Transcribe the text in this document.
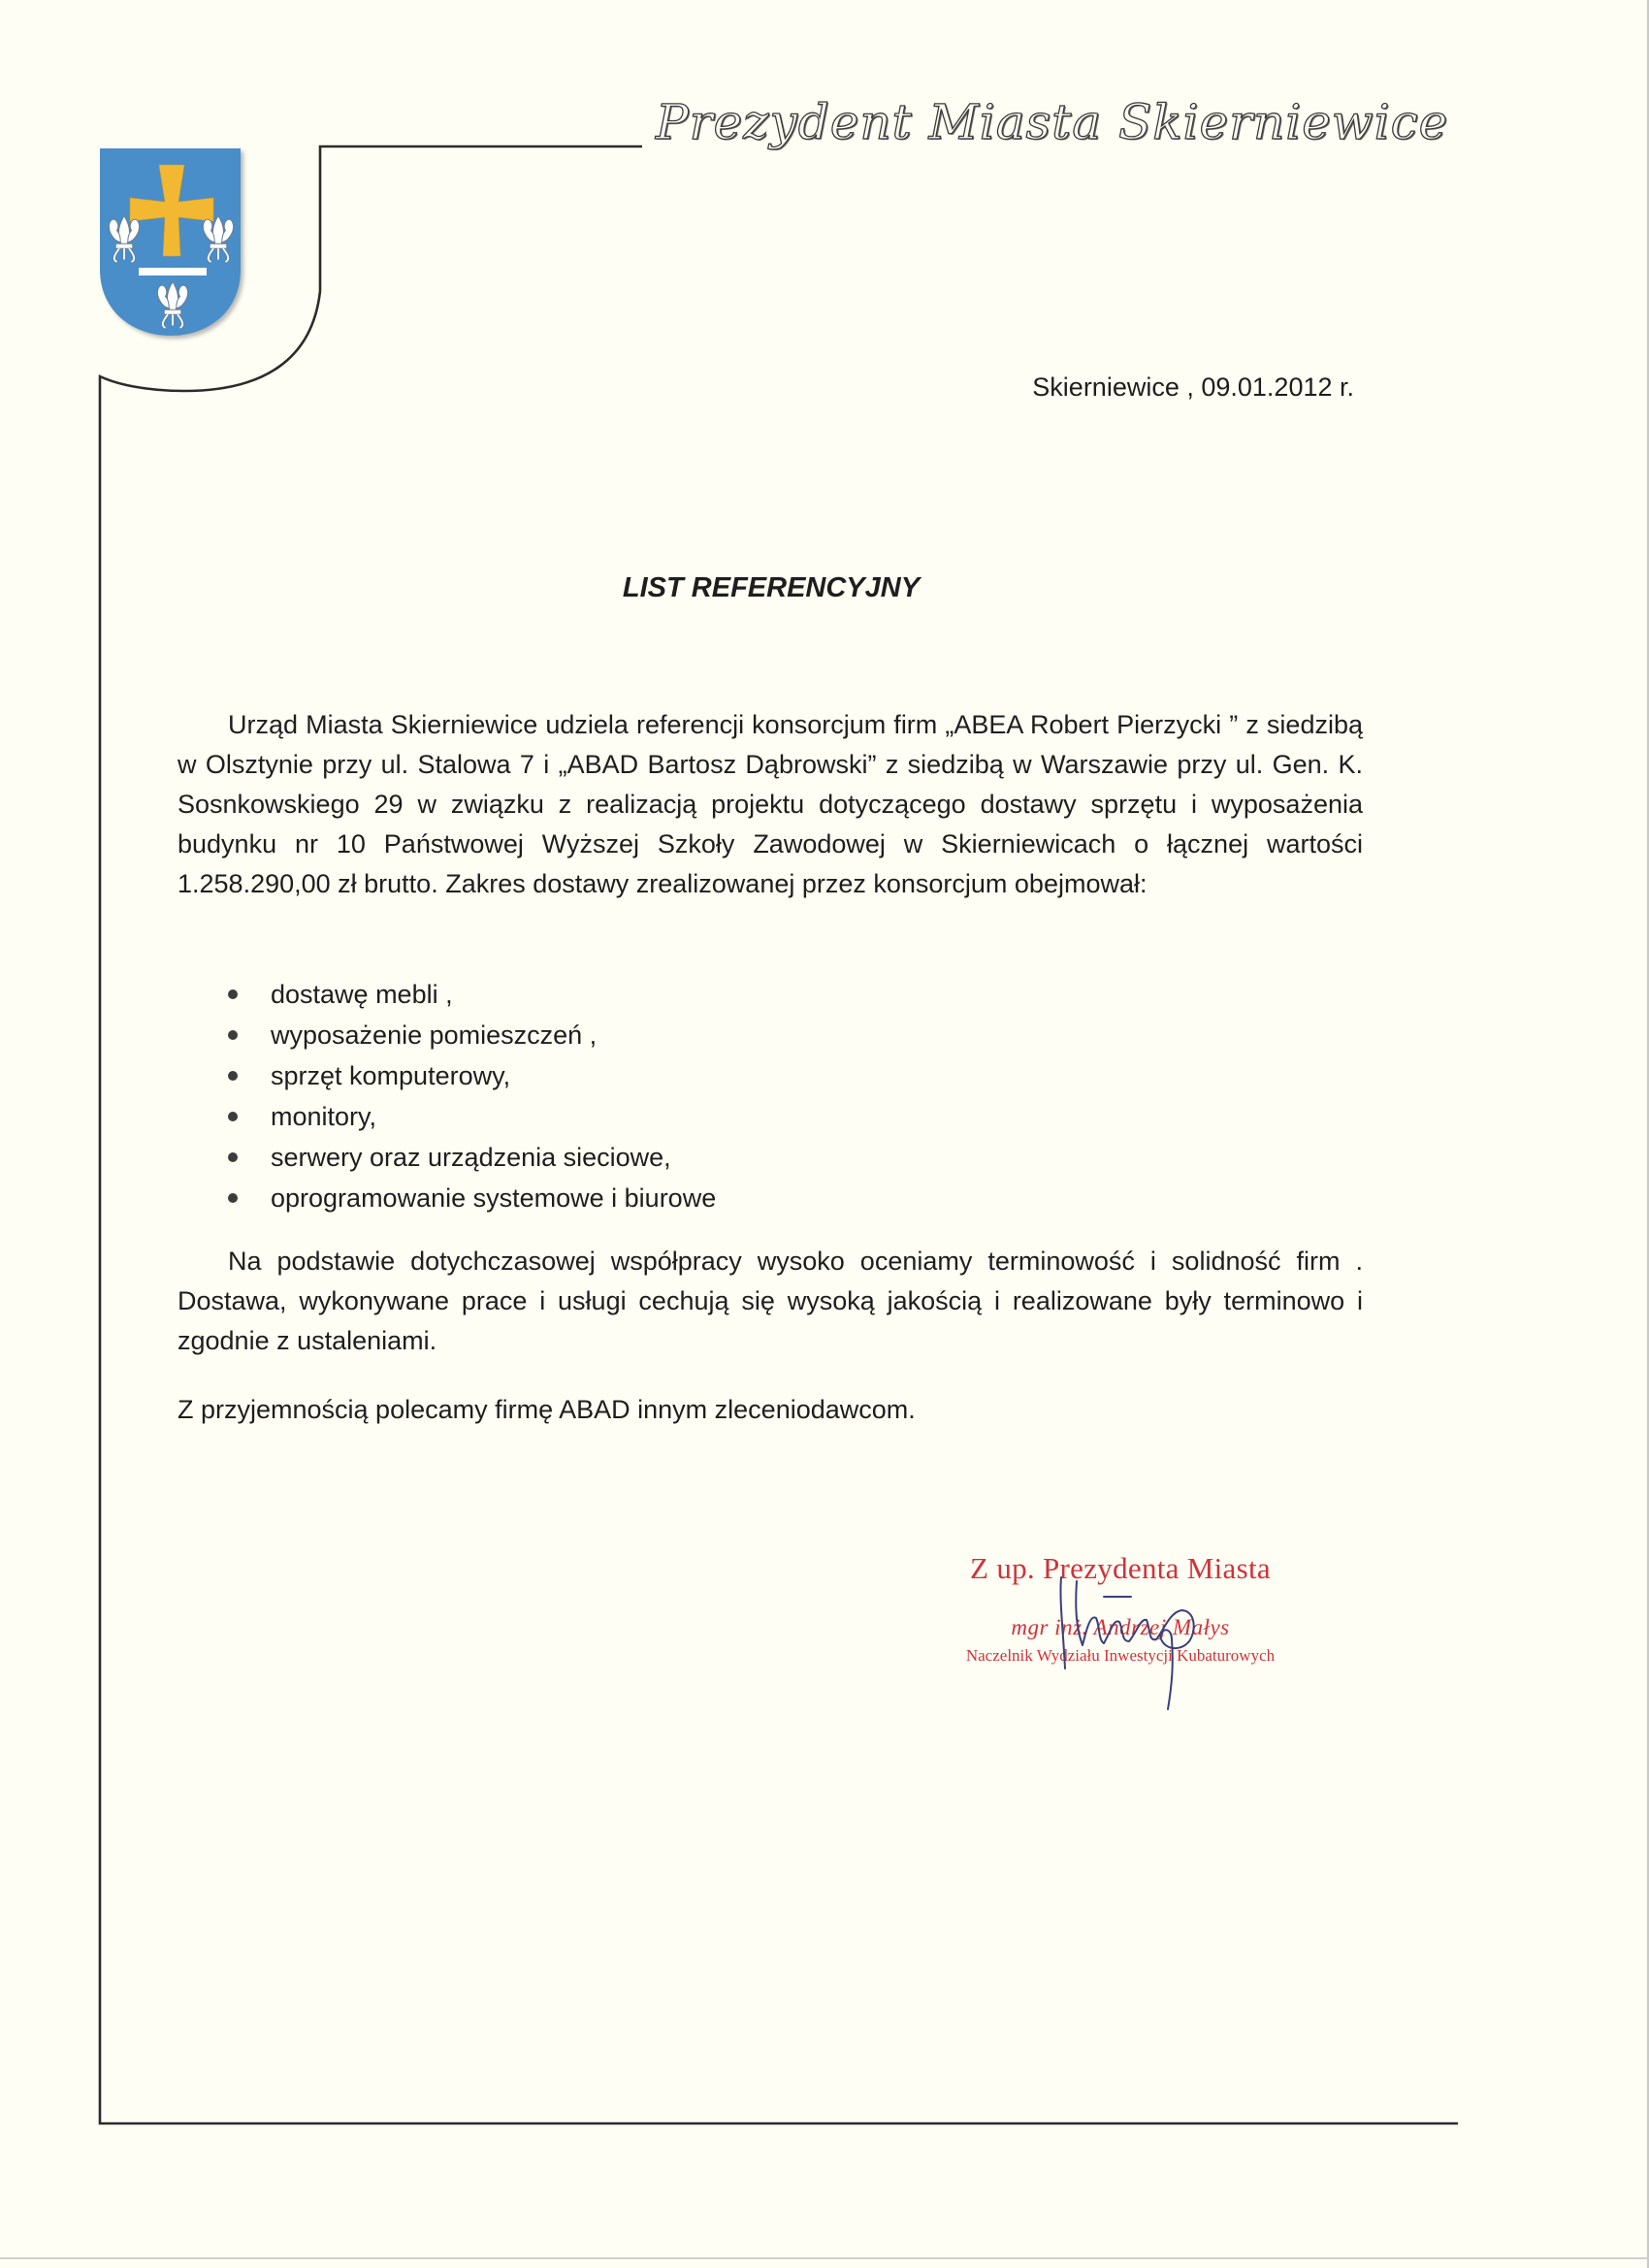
Prezydent Miasta Skierniewice
Skierniewice , 09.01.2012 r.
LIST REFERENCYJNY

Urząd Miasta Skierniewice udziela referencji konsorcjum firm „ABEA Robert Pierzycki ” z siedzibą w Olsztynie przy ul. Stalowa 7 i „ABAD Bartosz Dąbrowski” z siedzibą w Warszawie przy ul. Gen. K. Sosnkowskiego 29 w związku z realizacją projektu dotyczącego dostawy sprzętu i wyposażenia budynku nr 10 Państwowej Wyższej Szkoły Zawodowej w Skierniewicach o łącznej wartości 1.258.290,00 zł brutto. Zakres dostawy zrealizowanej przez konsorcjum obejmował:

dostawę mebli ,
wyposażenie pomieszczeń ,
sprzęt komputerowy,
monitory,
serwery oraz urządzenia sieciowe,
oprogramowanie systemowe i biurowe

Na podstawie dotychczasowej współpracy wysoko oceniamy terminowość i solidność firm . Dostawa, wykonywane prace i usługi cechują się wysoką jakością i realizowane były terminowo i zgodnie z ustaleniami.

Z przyjemnością polecamy firmę ABAD innym zleceniodawcom.

Z up. Prezydenta Miasta
mgr inż. Andrzej Małys
Naczelnik Wydziału Inwestycji Kubaturowych
